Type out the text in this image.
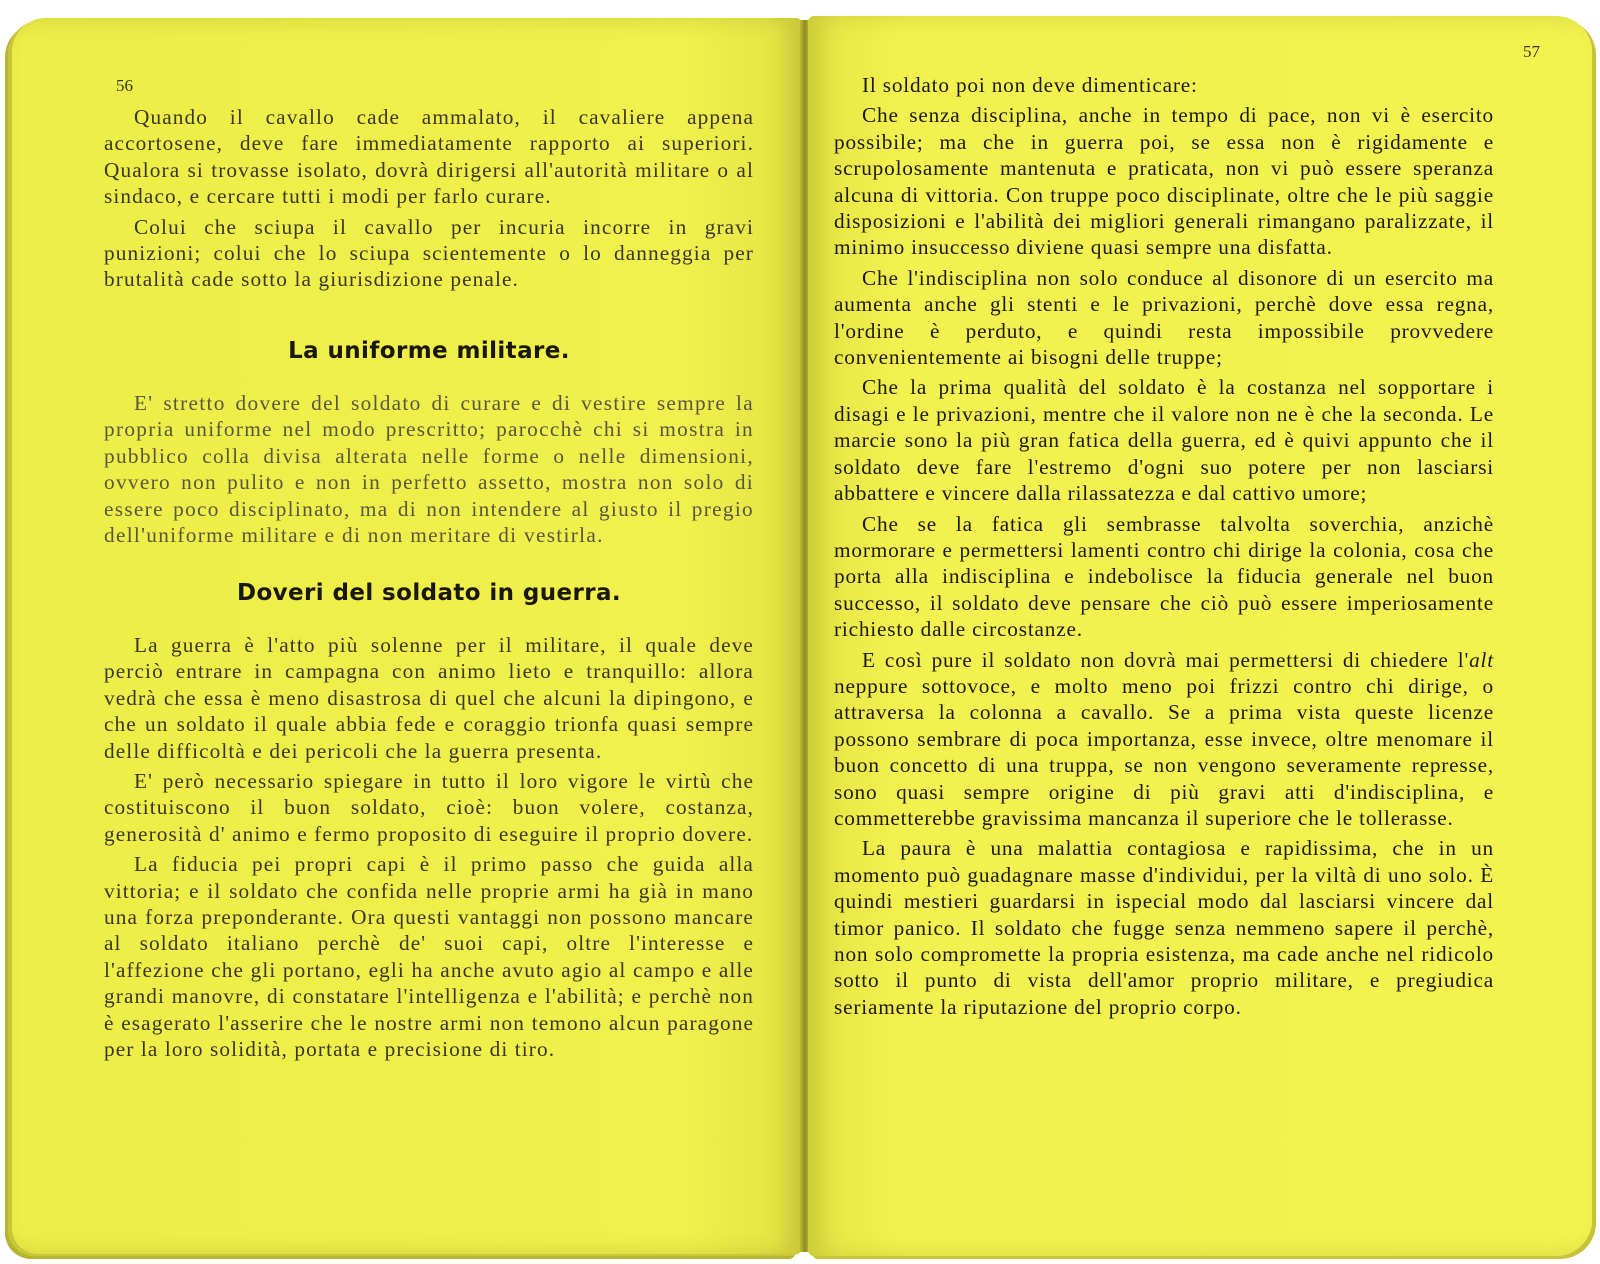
56

Quando il cavallo cade ammalato, il cavaliere appena accortosene, deve fare immediatamente rapporto ai superiori. Qualora si trovasse isolato, dovrà dirigersi all'autorità militare o al sindaco, e cercare tutti i modi per farlo curare.

Colui che sciupa il cavallo per incuria incorre in gravi punizioni; colui che lo sciupa scientemente o lo danneggia per brutalità cade sotto la giurisdizione penale.

La uniforme militare.

E' stretto dovere del soldato di curare e di vestire sempre la propria uniforme nel modo prescritto; parocchè chi si mostra in pubblico colla divisa alterata nelle forme o nelle dimensioni, ovvero non pulito e non in perfetto assetto, mostra non solo di essere poco disciplinato, ma di non intendere al giusto il pregio dell'uniforme militare e di non meritare di vestirla.

Doveri del soldato in guerra.

La guerra è l'atto più solenne per il militare, il quale deve perciò entrare in campagna con animo lieto e tranquillo: allora vedrà che essa è meno disastrosa di quel che alcuni la dipingono, e che un soldato il quale abbia fede e coraggio trionfa quasi sempre delle difficoltà e dei pericoli che la guerra presenta.

E' però necessario spiegare in tutto il loro vigore le virtù che costituiscono il buon soldato, cioè: buon volere, costanza, generosità d' animo e fermo proposito di eseguire il proprio dovere.

La fiducia pei propri capi è il primo passo che guida alla vittoria; e il soldato che confida nelle proprie armi ha già in mano una forza preponderante. Ora questi vantaggi non possono mancare al soldato italiano perchè de' suoi capi, oltre l'interesse e l'affezione che gli portano, egli ha anche avuto agio al campo e alle grandi manovre, di constatare l'intelligenza e l'abilità; e perchè non è esagerato l'asserire che le nostre armi non temono alcun paragone per la loro solidità, portata e precisione di tiro.

57

Il soldato poi non deve dimenticare:

Che senza disciplina, anche in tempo di pace, non vi è esercito possibile; ma che in guerra poi, se essa non è rigidamente e scrupolosamente mantenuta e praticata, non vi può essere speranza alcuna di vittoria. Con truppe poco disciplinate, oltre che le più saggie disposizioni e l'abilità dei migliori generali rimangano paralizzate, il minimo insuccesso diviene quasi sempre una disfatta.

Che l'indisciplina non solo conduce al disonore di un esercito ma aumenta anche gli stenti e le privazioni, perchè dove essa regna, l'ordine è perduto, e quindi resta impossibile provvedere convenientemente ai bisogni delle truppe;

Che la prima qualità del soldato è la costanza nel sopportare i disagi e le privazioni, mentre che il valore non ne è che la seconda. Le marcie sono la più gran fatica della guerra, ed è quivi appunto che il soldato deve fare l'estremo d'ogni suo potere per non lasciarsi abbattere e vincere dalla rilassatezza e dal cattivo umore;

Che se la fatica gli sembrasse talvolta soverchia, anzichè mormorare e permettersi lamenti contro chi dirige la colonia, cosa che porta alla indisciplina e indebolisce la fiducia generale nel buon successo, il soldato deve pensare che ciò può essere imperiosamente richiesto dalle circostanze.

E così pure il soldato non dovrà mai permettersi di chiedere l'alt neppure sottovoce, e molto meno poi frizzi contro chi dirige, o attraversa la colonna a cavallo. Se a prima vista queste licenze possono sembrare di poca importanza, esse invece, oltre menomare il buon concetto di una truppa, se non vengono severamente represse, sono quasi sempre origine di più gravi atti d'indisciplina, e commetterebbe gravissima mancanza il superiore che le tollerasse.

La paura è una malattia contagiosa e rapidissima, che in un momento può guadagnare masse d'individui, per la viltà di uno solo. È quindi mestieri guardarsi in ispecial modo dal lasciarsi vincere dal timor panico. Il soldato che fugge senza nemmeno sapere il perchè, non solo compromette la propria esistenza, ma cade anche nel ridicolo sotto il punto di vista dell'amor proprio militare, e pregiudica seriamente la riputazione del proprio corpo.
